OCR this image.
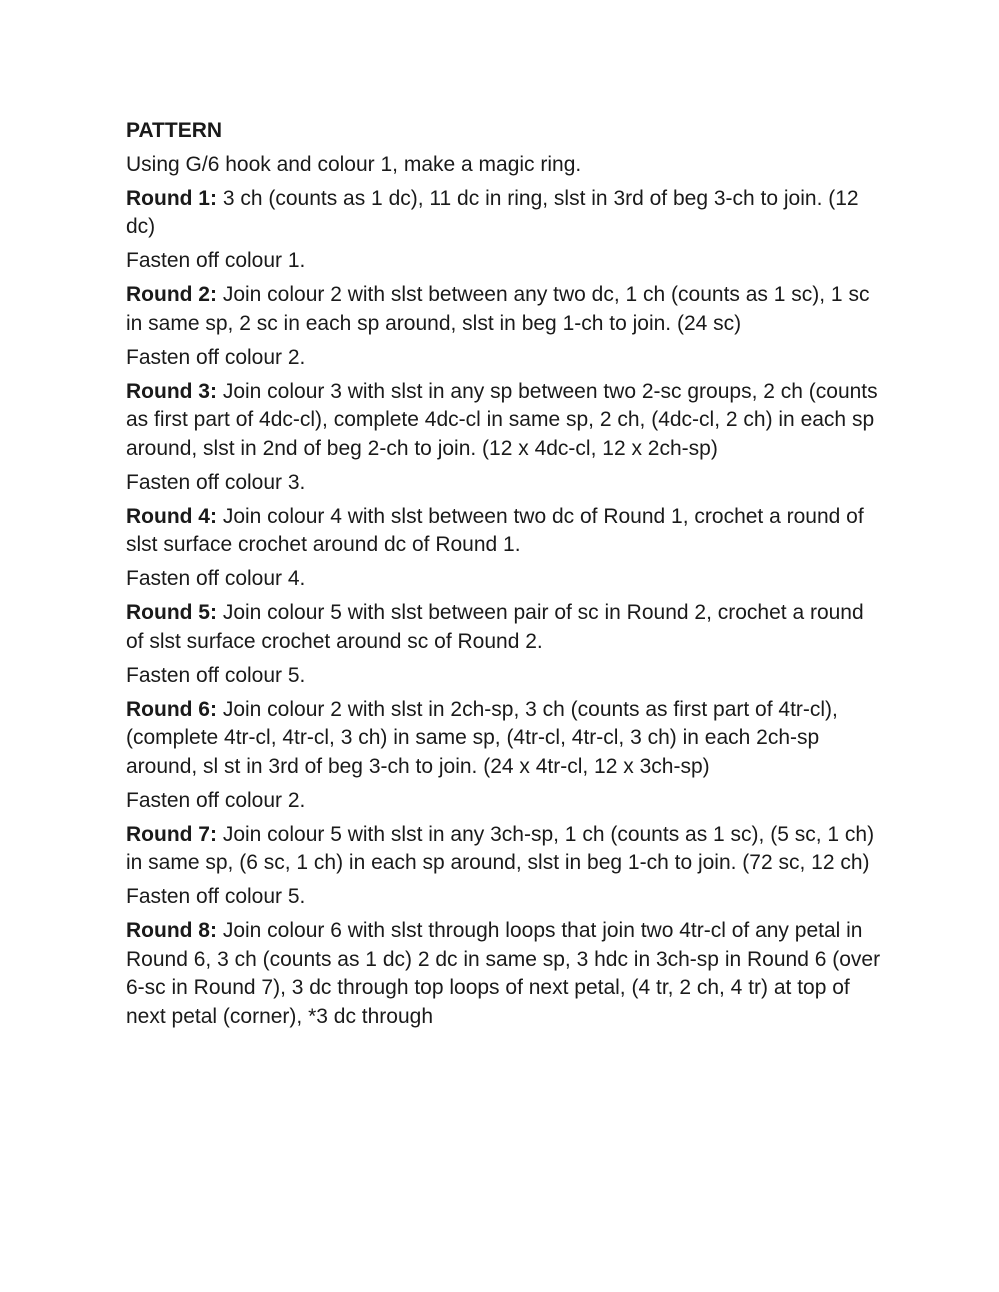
PATTERN
Using G/6 hook and colour 1, make a magic ring.
Round 1: 3 ch (counts as 1 dc), 11 dc in ring, slst in 3rd of beg 3-ch to join. (12 dc)
Fasten off colour 1.
Round 2: Join colour 2 with slst between any two dc, 1 ch (counts as 1 sc), 1 sc in same sp, 2 sc in each sp around, slst in beg 1-ch to join. (24 sc)
Fasten off colour 2.
Round 3: Join colour 3 with slst in any sp between two 2-sc groups, 2 ch (counts as first part of 4dc-cl), complete 4dc-cl in same sp, 2 ch, (4dc-cl, 2 ch) in each sp around, slst in 2nd of beg 2-ch to join. (12 x 4dc-cl, 12 x 2ch-sp)
Fasten off colour 3.
Round 4: Join colour 4 with slst between two dc of Round 1, crochet a round of slst surface crochet around dc of Round 1.
Fasten off colour 4.
Round 5: Join colour 5 with slst between pair of sc in Round 2, crochet a round of slst surface crochet around sc of Round 2.
Fasten off colour 5.
Round 6: Join colour 2 with slst in 2ch-sp, 3 ch (counts as first part of 4tr-cl), (complete 4tr-cl, 4tr-cl, 3 ch) in same sp, (4tr-cl, 4tr-cl, 3 ch) in each 2ch-sp around, sl st in 3rd of beg 3-ch to join. (24 x 4tr-cl, 12 x 3ch-sp)
Fasten off colour 2.
Round 7: Join colour 5 with slst in any 3ch-sp, 1 ch (counts as 1 sc), (5 sc, 1 ch) in same sp, (6 sc, 1 ch) in each sp around, slst in beg 1-ch to join. (72 sc, 12 ch)
Fasten off colour 5.
Round 8: Join colour 6 with slst through loops that join two 4tr-cl of any petal in Round 6, 3 ch (counts as 1 dc) 2 dc in same sp, 3 hdc in 3ch-sp in Round 6 (over 6-sc in Round 7), 3 dc through top loops of next petal, (4 tr, 2 ch, 4 tr) at top of next petal (corner), *3 dc through
